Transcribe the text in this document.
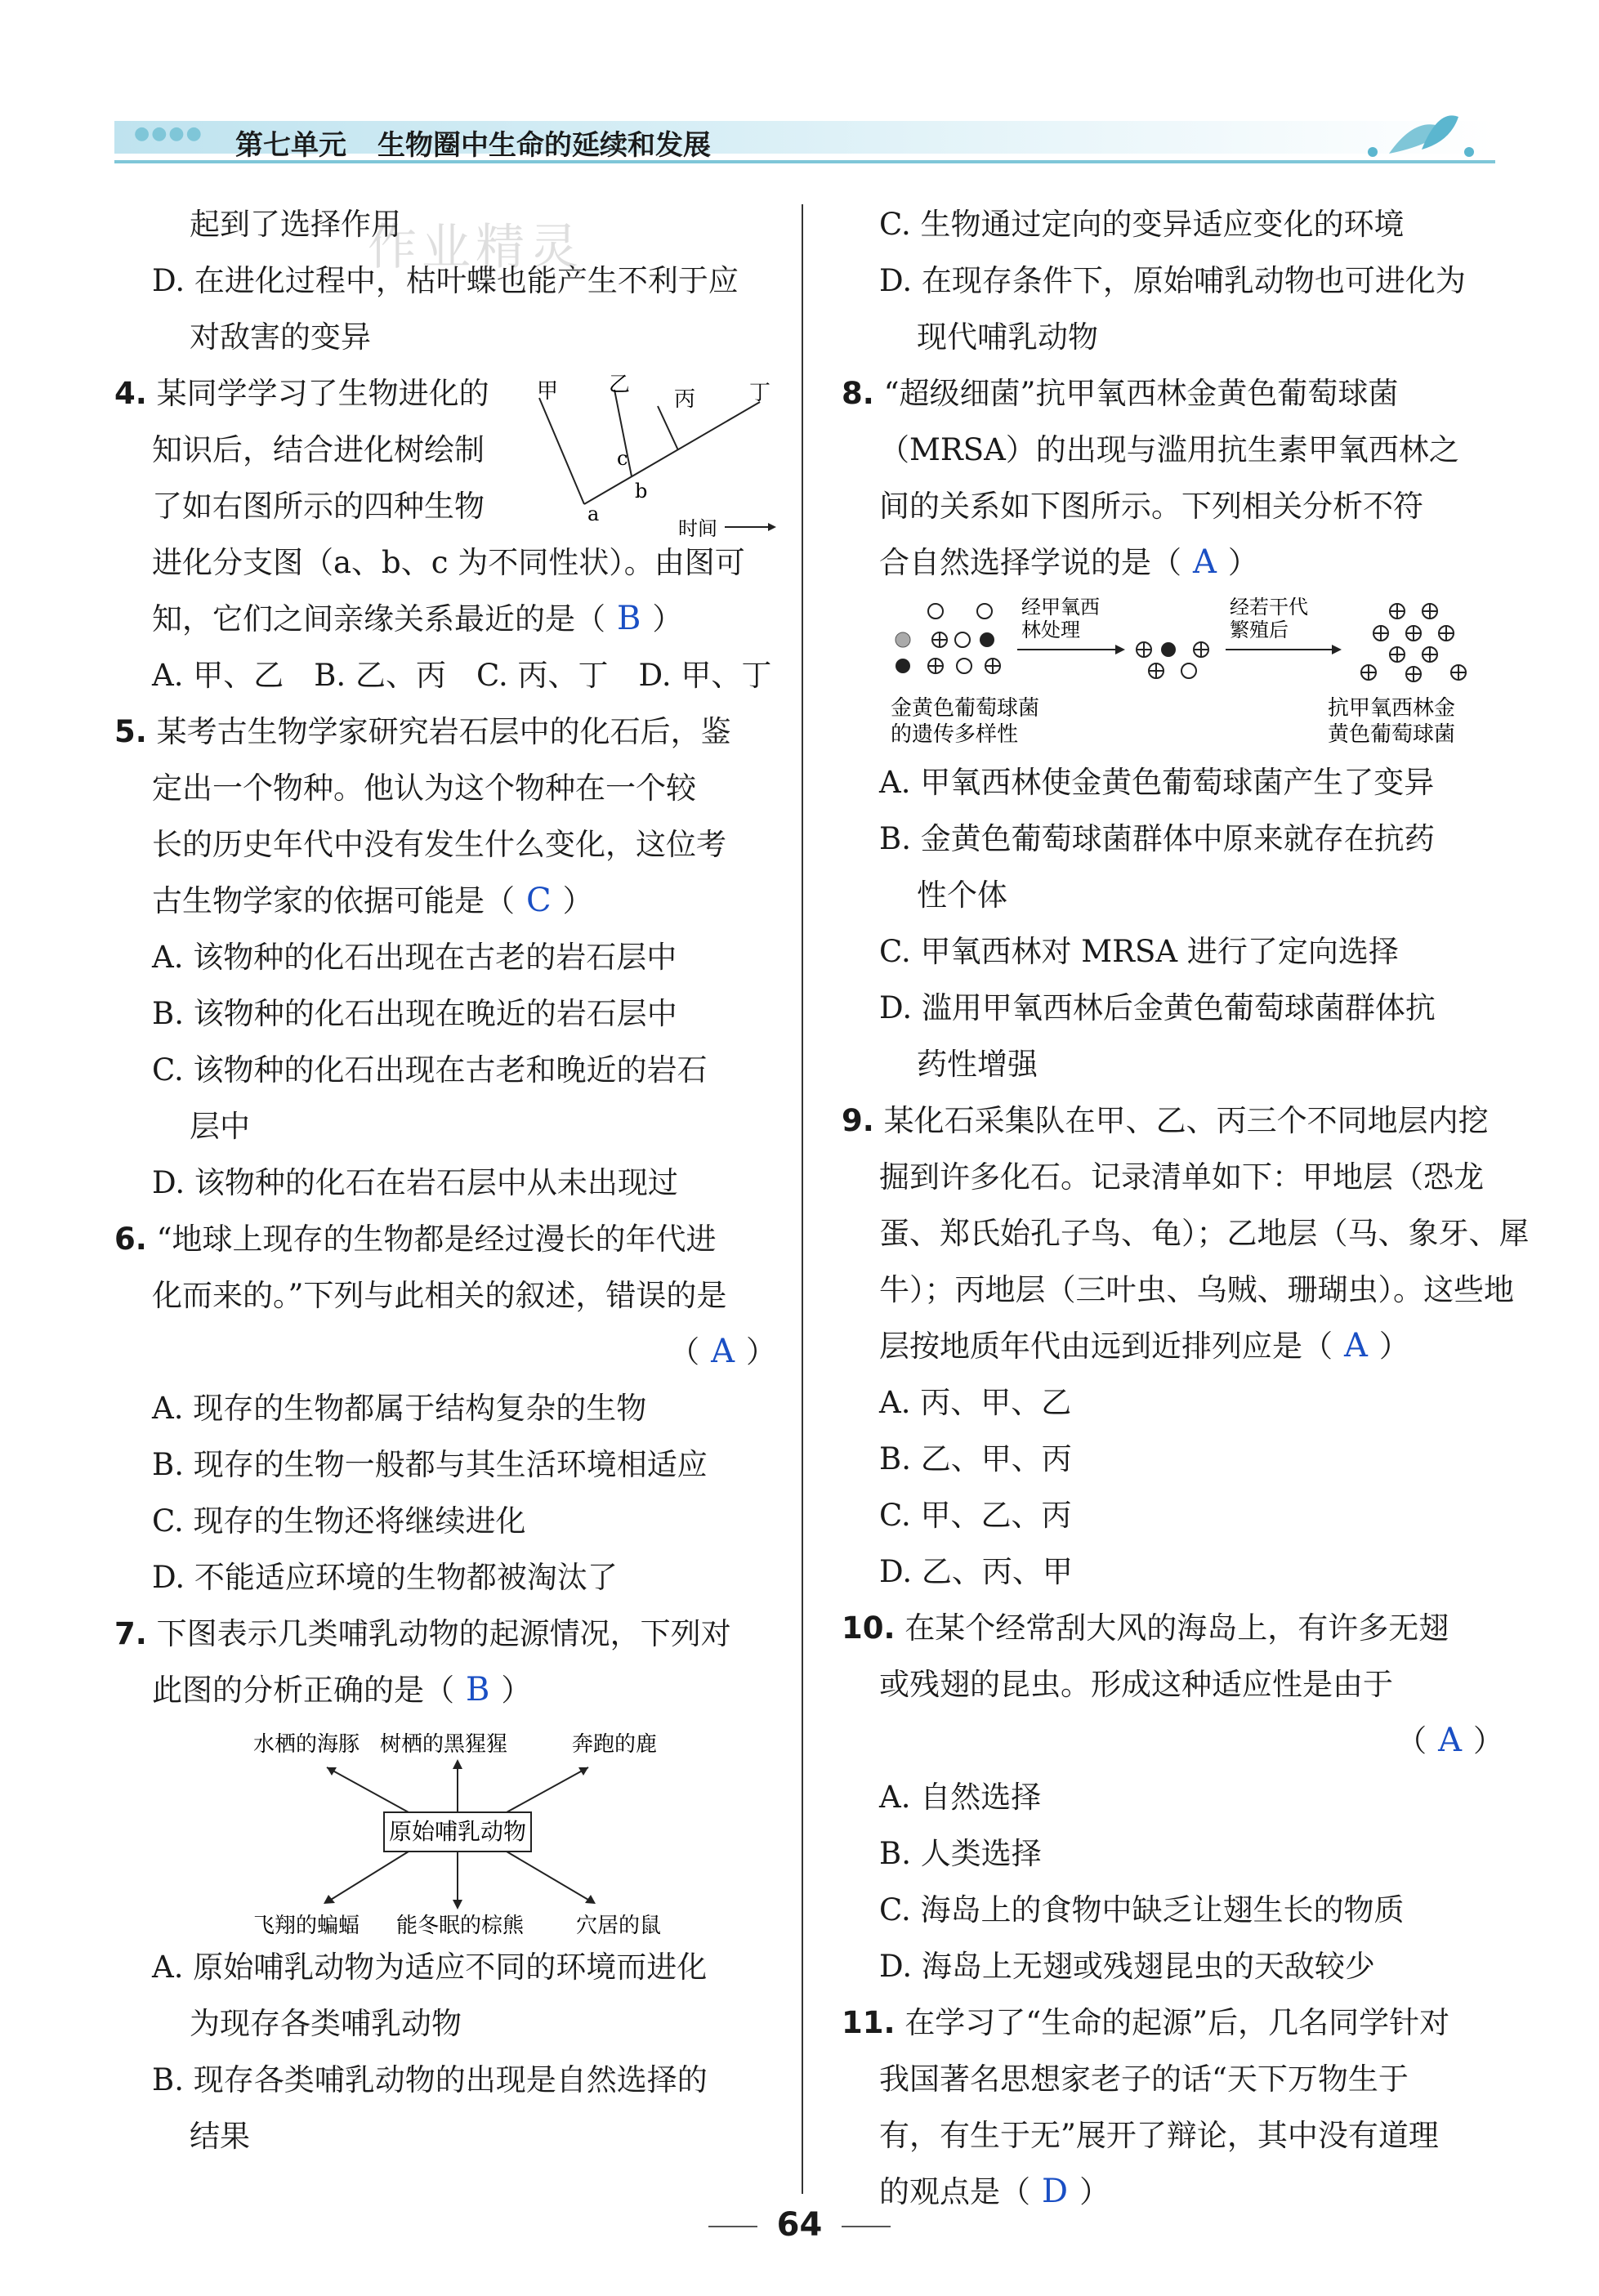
●●●● 第七单元 生物圈中生命的延续和发展
作业精灵
起到了选择作用
D. 在进化过程中，枯叶蝶也能产生不利于应
对敌害的变异
甲 乙
丙	丁
a
b
c
时间
4. 某同学学习了生物进化的
知识后，结合进化树绘制
了如右图所示的四种生物
进化分支图（a、b、c 为不同性状）。由图可
知，它们之间亲缘关系最近的是（ B ）
A. 甲、乙　B. 乙、丙　C. 丙、丁　D. 甲、丁
5. 某考古生物学家研究岩石层中的化石后，鉴
定出一个物种。他认为这个物种在一个较
长的历史年代中没有发生什么变化，这位考
古生物学家的依据可能是（ C ）
A. 该物种的化石出现在古老的岩石层中
B. 该物种的化石出现在晚近的岩石层中
C. 该物种的化石出现在古老和晚近的岩石
层中
D. 该物种的化石在岩石层中从未出现过
6. “地球上现存的生物都是经过漫长的年代进
化而来的。”下列与此相关的叙述，错误的是
（ A ）
A. 现存的生物都属于结构复杂的生物
B. 现存的生物一般都与其生活环境相适应
C. 现存的生物还将继续进化
D. 不能适应环境的生物都被淘汰了
7. 下图表示几类哺乳动物的起源情况，下列对
此图的分析正确的是（ B ）
水栖的海豚 树栖的黑猩猩	奔跑的鹿
原始哺乳动物
飞翔的蝙蝠 能冬眠的棕熊 穴居的鼠
A. 原始哺乳动物为适应不同的环境而进化
为现存各类哺乳动物
B. 现存各类哺乳动物的出现是自然选择的
结果
C. 生物通过定向的变异适应变化的环境
D. 在现存条件下，原始哺乳动物也可进化为
现代哺乳动物
8. “超级细菌”抗甲氧西林金黄色葡萄球菌
（MRSA）的出现与滥用抗生素甲氧西林之
间的关系如下图所示。下列相关分析不符
合自然选择学说的是（ A ）
经甲氧西
林处理
经若干代
繁殖后
金黄色葡萄球菌
的遗传多样性
抗甲氧西林金
黄色葡萄球菌
A. 甲氧西林使金黄色葡萄球菌产生了变异
B. 金黄色葡萄球菌群体中原来就存在抗药
性个体
C. 甲氧西林对 MRSA 进行了定向选择
D. 滥用甲氧西林后金黄色葡萄球菌群体抗
药性增强
9. 某化石采集队在甲、乙、丙三个不同地层内挖
掘到许多化石。记录清单如下：甲地层（恐龙
蛋、郑氏始孔子鸟、龟）；乙地层（马、象牙、犀
牛）；丙地层（三叶虫、乌贼、珊瑚虫）。这些地
层按地质年代由远到近排列应是（ A ）
A. 丙、甲、乙
B. 乙、甲、丙
C. 甲、乙、丙
D. 乙、丙、甲
10. 在某个经常刮大风的海岛上，有许多无翅
或残翅的昆虫。形成这种适应性是由于
（ A ）
A. 自然选择
B. 人类选择
C. 海岛上的食物中缺乏让翅生长的物质
D. 海岛上无翅或残翅昆虫的天敌较少
11. 在学习了“生命的起源”后，几名同学针对
我国著名思想家老子的话“天下万物生于
有，有生于无”展开了辩论，其中没有道理
的观点是（ D ）
64
